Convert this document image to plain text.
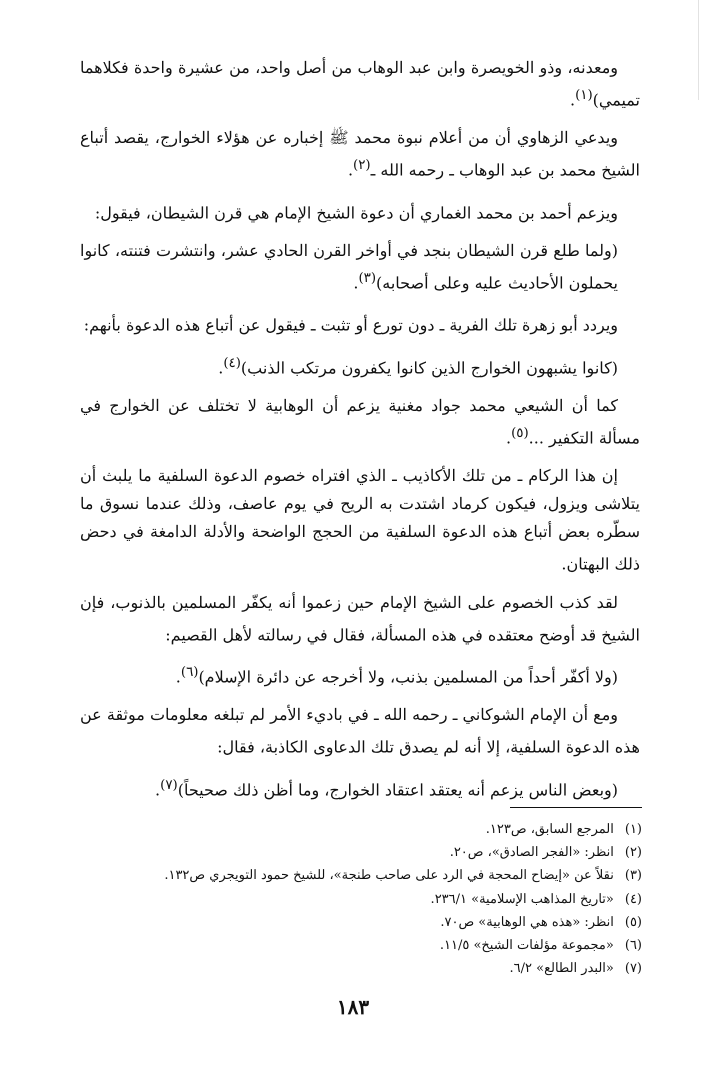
ومعدنه، وذو الخويصرة وابن عبد الوهاب من أصل واحد، من عشيرة واحدة فكلاهما تميمي)$^{(١)}$.

ويدعي الزهاوي أن من أعلام نبوة محمد ﷺ إخباره عن هؤلاء الخوارج، يقصد أتباع الشيخ محمد بن عبد الوهاب ـ رحمه الله ـ$^{(٢)}$.

ويزعم أحمد بن محمد الغماري أن دعوة الشيخ الإمام هي قرن الشيطان، فيقول:

(ولما طلع قرن الشيطان بنجد في أواخر القرن الحادي عشر، وانتشرت فتنته، كانوا يحملون الأحاديث عليه وعلى أصحابه)$^{(٣)}$.

ويردد أبو زهرة تلك الفرية ـ دون تورع أو تثبت ـ فيقول عن أتباع هذه الدعوة بأنهم:

(كانوا يشبهون الخوارج الذين كانوا يكفرون مرتكب الذنب)$^{(٤)}$.

كما أن الشيعي محمد جواد مغنية يزعم أن الوهابية لا تختلف عن الخوارج في مسألة التكفير ...$^{(٥)}$.

إن هذا الركام ـ من تلك الأكاذيب ـ الذي افتراه خصوم الدعوة السلفية ما يلبث أن يتلاشى ويزول، فيكون كرماد اشتدت به الريح في يوم عاصف، وذلك عندما نسوق ما سطّره بعض أتباع هذه الدعوة السلفية من الحجج الواضحة والأدلة الدامغة في دحض ذلك البهتان.

لقد كذب الخصوم على الشيخ الإمام حين زعموا أنه يكفّر المسلمين بالذنوب، فإن الشيخ قد أوضح معتقده في هذه المسألة، فقال في رسالته لأهل القصيم:

(ولا أكفّر أحداً من المسلمين بذنب، ولا أخرجه عن دائرة الإسلام)$^{(٦)}$.

ومع أن الإمام الشوكاني ـ رحمه الله ـ في باديء الأمر لم تبلغه معلومات موثقة عن هذه الدعوة السلفية، إلا أنه لم يصدق تلك الدعاوى الكاذبة، فقال:

(وبعض الناس يزعم أنه يعتقد اعتقاد الخوارج، وما أظن ذلك صحيحاً)$^{(٧)}$.

(١) المرجع السابق، ص١٢٣.

(٢) انظر: «الفجر الصادق»، ص٢٠.

(٣) نقلاً عن «إيضاح المحجة في الرد على صاحب طنجة»، للشيخ حمود التويجري ص١٣٢.

(٤) «تاريخ المذاهب الإسلامية» ٢٣٦/١.

(٥) انظر: «هذه هي الوهابية» ص٧٠.

(٦) «مجموعة مؤلفات الشيخ» ١١/٥.

(٧) «البدر الطالع» ٦/٢.

١٨٣
